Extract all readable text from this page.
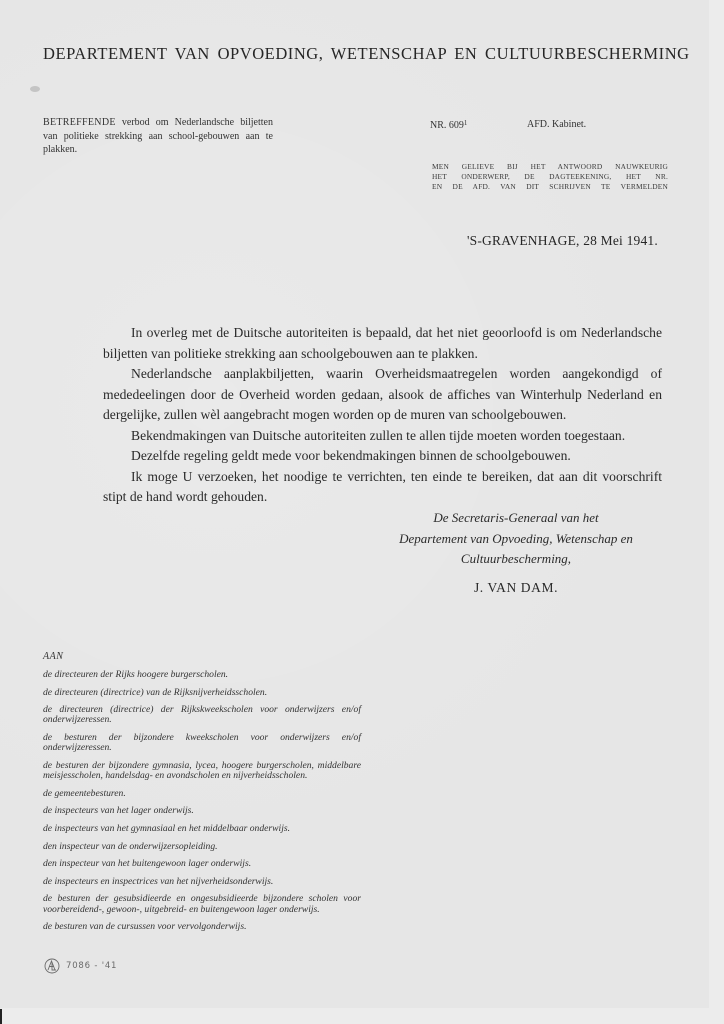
DEPARTEMENT VAN OPVOEDING, WETENSCHAP EN CULTUURBESCHERMING
BETREFFENDE verbod om Nederlandsche biljetten van politieke strekking aan school-gebouwen aan te plakken.
NR. $609^1$	AFD. Kabinet.
MEN GELIEVE BIJ HET ANTWOORD NAUWKEURIG
HET ONDERWERP, DE DAGTEEKENING, HET NR.
EN DE AFD. VAN DIT SCHRIJVEN TE VERMELDEN
'S-GRAVENHAGE, 28 Mei 1941.

In overleg met de Duitsche autoriteiten is bepaald, dat het niet geoorloofd is om Nederlandsche biljetten van politieke strekking aan schoolgebouwen aan te plakken.

Nederlandsche aanplakbiljetten, waarin Overheidsmaatregelen worden aangekondigd of mededeelingen door de Overheid worden gedaan, alsook de affiches van Winterhulp Nederland en dergelijke, zullen wèl aangebracht mogen worden op de muren van schoolgebouwen.

Bekendmakingen van Duitsche autoriteiten zullen te allen tijde moeten worden toegestaan.

Dezelfde regeling geldt mede voor bekendmakingen binnen de schoolgebouwen.

Ik moge U verzoeken, het noodige te verrichten, ten einde te bereiken, dat aan dit voorschrift stipt de hand wordt gehouden.

De Secretaris-Generaal van het
Departement van Opvoeding, Wetenschap en
Cultuurbescherming,
J. VAN DAM.
AAN
de directeuren der Rijks hoogere burgerscholen.
de directeuren (directrice) van de Rijksnijverheidsscholen.
de directeuren (directrice) der Rijkskweekscholen voor onderwijzers en/of onderwijzeressen.
de besturen der bijzondere kweekscholen voor onderwijzers en/of onderwijzeressen.
de besturen der bijzondere gymnasia, lycea, hoogere burgerscholen, middelbare meisjesscholen, handelsdag- en avondscholen en nijverheidsscholen.
de gemeentebesturen.
de inspecteurs van het lager onderwijs.
de inspecteurs van het gymnasiaal en het middelbaar onderwijs.
den inspecteur van de onderwijzersopleiding.
den inspecteur van het buitengewoon lager onderwijs.
de inspecteurs en inspectrices van het nijverheidsonderwijs.
de besturen der gesubsidieerde en ongesubsidieerde bijzondere scholen voor voorbereidend-, gewoon-, uitgebreid- en buitengewoon lager onderwijs.
de besturen van de cursussen voor vervolgonderwijs.
7086 - '41
